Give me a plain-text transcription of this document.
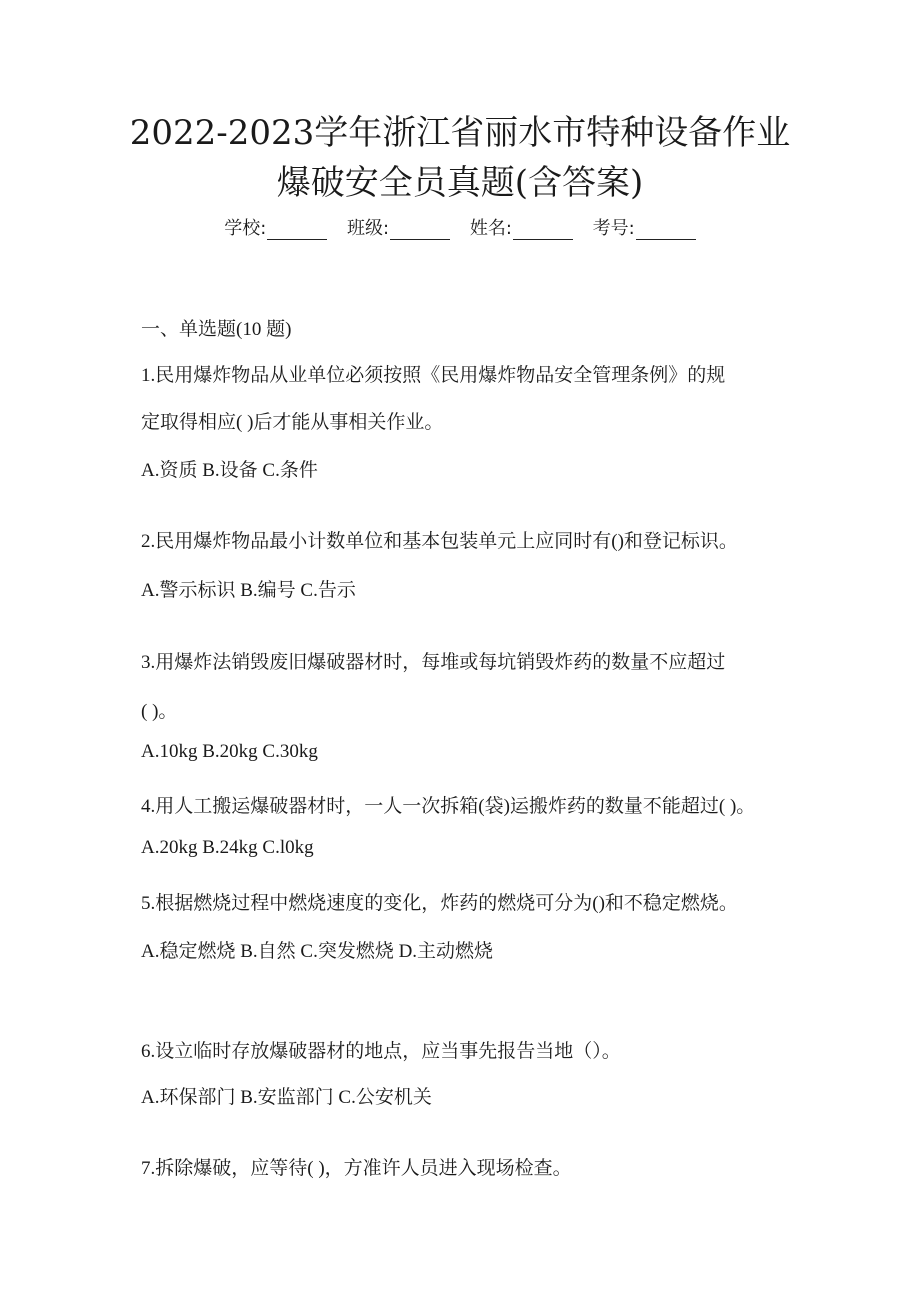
2022-2023学年浙江省丽水市特种设备作业
爆破安全员真题(含答案)
学校:	班级:	姓名:	考号:
一、单选题(10 题)
1.民用爆炸物品从业单位必须按照《民用爆炸物品安全管理条例》的规
定取得相应( )后才能从事相关作业。
A.资质 B.设备 C.条件
2.民用爆炸物品最小计数单位和基本包装单元上应同时有()和登记标识。
A.警示标识 B.编号 C.告示
3.用爆炸法销毁废旧爆破器材时，每堆或每坑销毁炸药的数量不应超过
( )。
A.10kg B.20kg C.30kg
4.用人工搬运爆破器材时，一人一次拆箱(袋)运搬炸药的数量不能超过( )。
A.20kg B.24kg C.l0kg
5.根据燃烧过程中燃烧速度的变化，炸药的燃烧可分为()和不稳定燃烧。
A.稳定燃烧 B.自然 C.突发燃烧 D.主动燃烧
6.设立临时存放爆破器材的地点，应当事先报告当地（）。
A.环保部门 B.安监部门 C.公安机关
7.拆除爆破，应等待( )，方准许人员进入现场检查。
